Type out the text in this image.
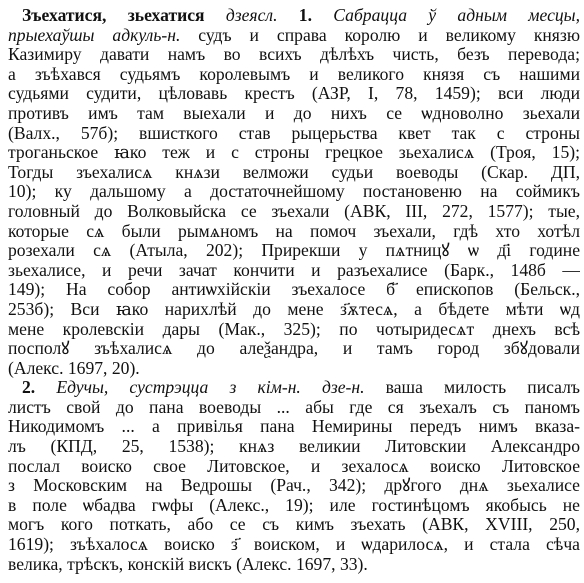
Зъехатися, зьехатися дзеясл. 1. Сабрацца ў адным месцы,
прыехаўшы адкуль-н. судъ и справа королю и великому князю
Казимиру давати намъ во всихъ дѣлѣхъ чисть, безъ перевода;
а зъѣхався судьямъ королевымъ и великого князя съ нашими
судьями судити, цѣловавь крестъ (АЗР, I, 78, 1459); вси люди
противъ имъ там выехали и до нихъ се ѡдноволно зьехали
(Валх., 57б); вшисткого став рыцерьства квет так с строны
троганьское ꙗко теж и с строны грецкое зьехалисѧ (Троя, 15);
Тогды зъехалисѧ кнѧзи велможи судьи воеводы (Скар. ДП,
10); ку дальшому а достаточнейшому постановеню на соймикъ
головный до Волковыйска се зъехали (АВК, III, 272, 1577); тые,
которые сѧ были рымѧномъ на помоч зъехали, гдѣ хто хотѣл
розехали сѧ (Атыла, 202); Прирекши у пѧтницꙋ ѡ д҃і године
зьехалисе, и речи зачат кончити и разъехалисе (Барк., 148б —
149); На собор антиѡхiйскiи зъехалосе б҃ епископов (Бельск.,
253б); Вси ꙗко нарихлѣй до мене з҃ѫтесѧ, а бѣдете мѣти ѡд
мене кролевскiи дары (Мак., 325); по чотыридесѧт днехъ всѣ
посполꙋ зъѣхалисѧ до алеѯандра, и тамъ город збꙋдовали
(Алекс. 1697, 20).
2. Едучы, сустрэцца з кім-н. дзе-н. ваша милость писалъ
листъ свой до пана воеводы ... абы где ся зъехалъ съ паномъ
Никодимомъ ... а привiлья пана Немирины передъ нимъ вказа-
лъ (КПД, 25, 1538); кнѧз великии Литовскии Александро
послал воиско свое Литовское, и зехалосѧ воиско Литовское
з Московским на Ведрошы (Рач., 342); дрꙋгого днѧ зьехалисе
в поле ѡбадва гѡфы (Алекс., 19); иле гостинѣцомъ якобысь не
могъ кого поткать, або се съ кимъ зъехать (АВК, XVIII, 250,
1619); зъѣхалосѧ воиско з҃ воиском, и ѡдарилосѧ, и стала сѣча
велика, трѣскъ, конскiй вискъ (Алекс. 1697, 33).
